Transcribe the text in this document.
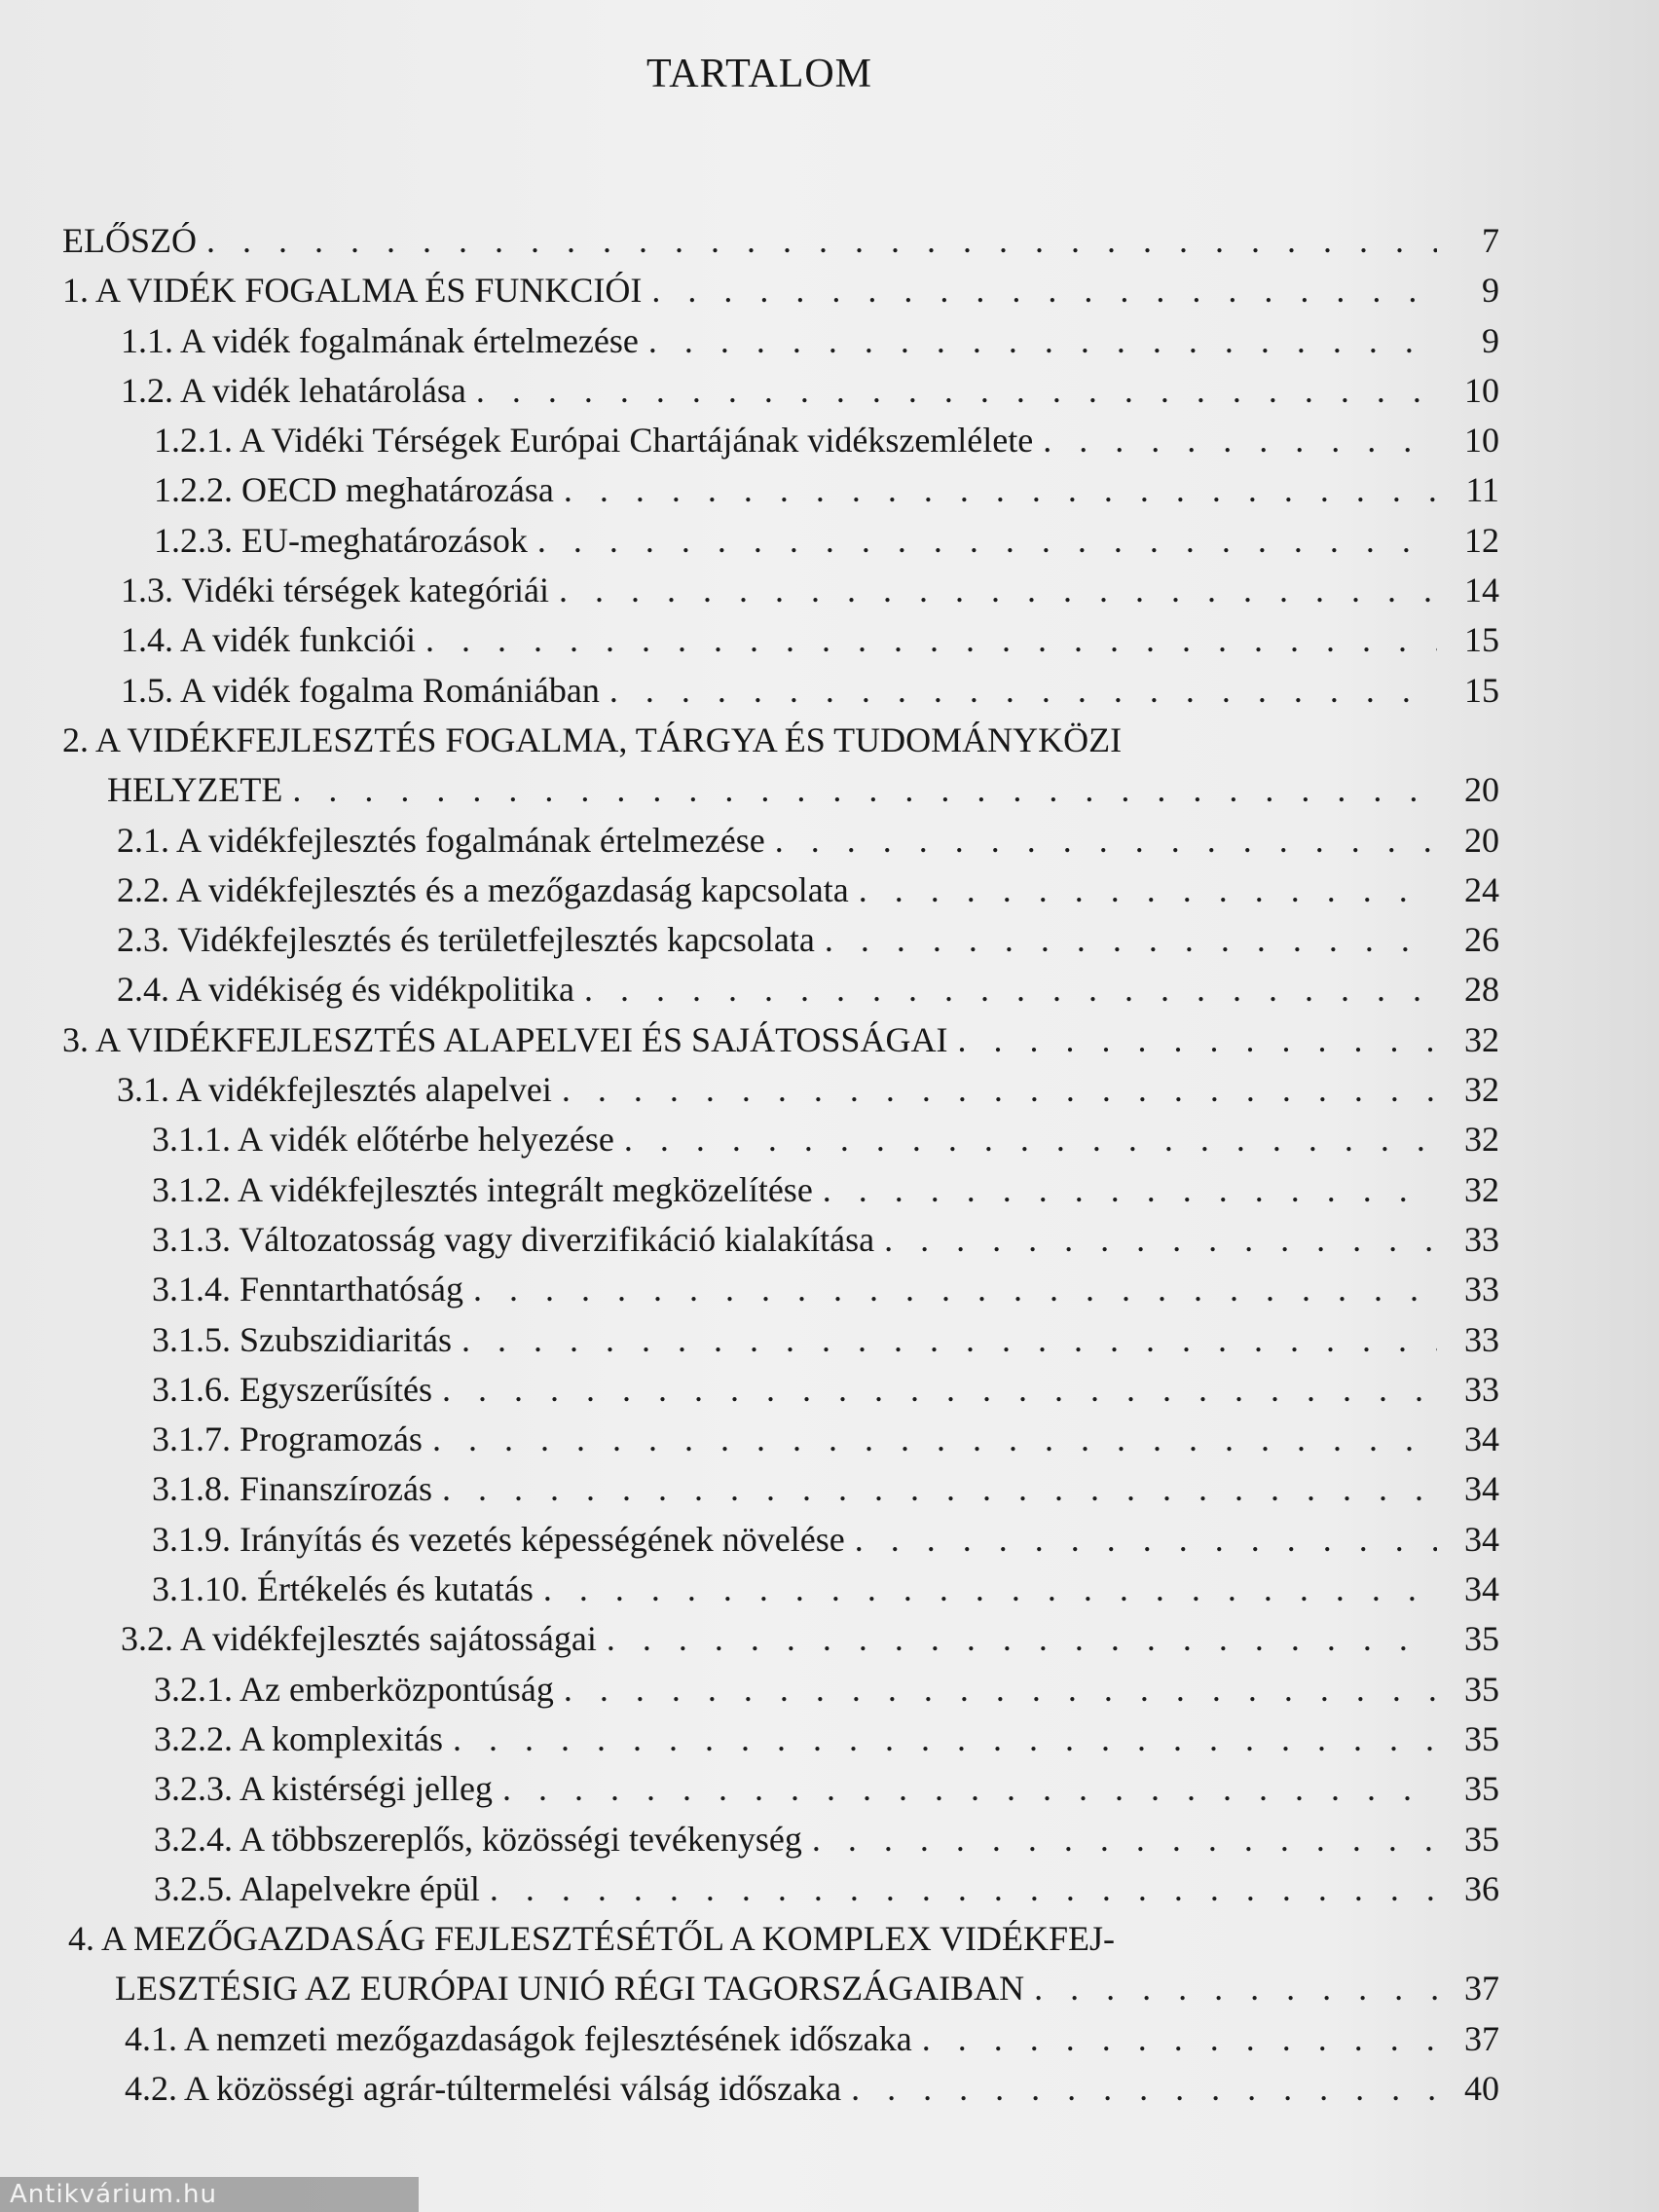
TARTALOM
ELŐSZÓ . . .	7
1. A VIDÉK FOGALMA ÉS FUNKCIÓI . . .	9
1.1. A vidék fogalmának értelmezése . . .	9
1.2. A vidék lehatárolása . . .	10
1.2.1. A Vidéki Térségek Európai Chartájának vidékszemlélete . . .	10
1.2.2. OECD meghatározása . . .	11
1.2.3. EU-meghatározások . . .	12
1.3. Vidéki térségek kategóriái . . .	14
1.4. A vidék funkciói . . .	15
1.5. A vidék fogalma Romániában . . .	15
2. A VIDÉKFEJLESZTÉS FOGALMA, TÁRGYA ÉS TUDOMÁNYKÖZI
HELYZETE . . .	20
2.1. A vidékfejlesztés fogalmának értelmezése . . .	20
2.2. A vidékfejlesztés és a mezőgazdaság kapcsolata . . .	24
2.3. Vidékfejlesztés és területfejlesztés kapcsolata . . .	26
2.4. A vidékiség és vidékpolitika . . .	28
3. A VIDÉKFEJLESZTÉS ALAPELVEI ÉS SAJÁTOSSÁGAI . . .	32
3.1. A vidékfejlesztés alapelvei . . .	32
3.1.1. A vidék előtérbe helyezése . . .	32
3.1.2. A vidékfejlesztés integrált megközelítése . . .	32
3.1.3. Változatosság vagy diverzifikáció kialakítása . . .	33
3.1.4. Fenntarthatóság . . .	33
3.1.5. Szubszidiaritás . . .	33
3.1.6. Egyszerűsítés . . .	33
3.1.7. Programozás . . .	34
3.1.8. Finanszírozás . . .	34
3.1.9. Irányítás és vezetés képességének növelése . . .	34
3.1.10. Értékelés és kutatás . . .	34
3.2. A vidékfejlesztés sajátosságai . . .	35
3.2.1. Az emberközpontúság . . .	35
3.2.2. A komplexitás . . .	35
3.2.3. A kistérségi jelleg . . .	35
3.2.4. A többszereplős, közösségi tevékenység . . .	35
3.2.5. Alapelvekre épül . . .	36
4. A MEZŐGAZDASÁG FEJLESZTÉSÉTŐL A KOMPLEX VIDÉKFEJ-
LESZTÉSIG AZ EURÓPAI UNIÓ RÉGI TAGORSZÁGAIBAN . . .	37
4.1. A nemzeti mezőgazdaságok fejlesztésének időszaka . . .	37
4.2. A közösségi agrár-túltermelési válság időszaka . . .	40
Antikvárium.hu
